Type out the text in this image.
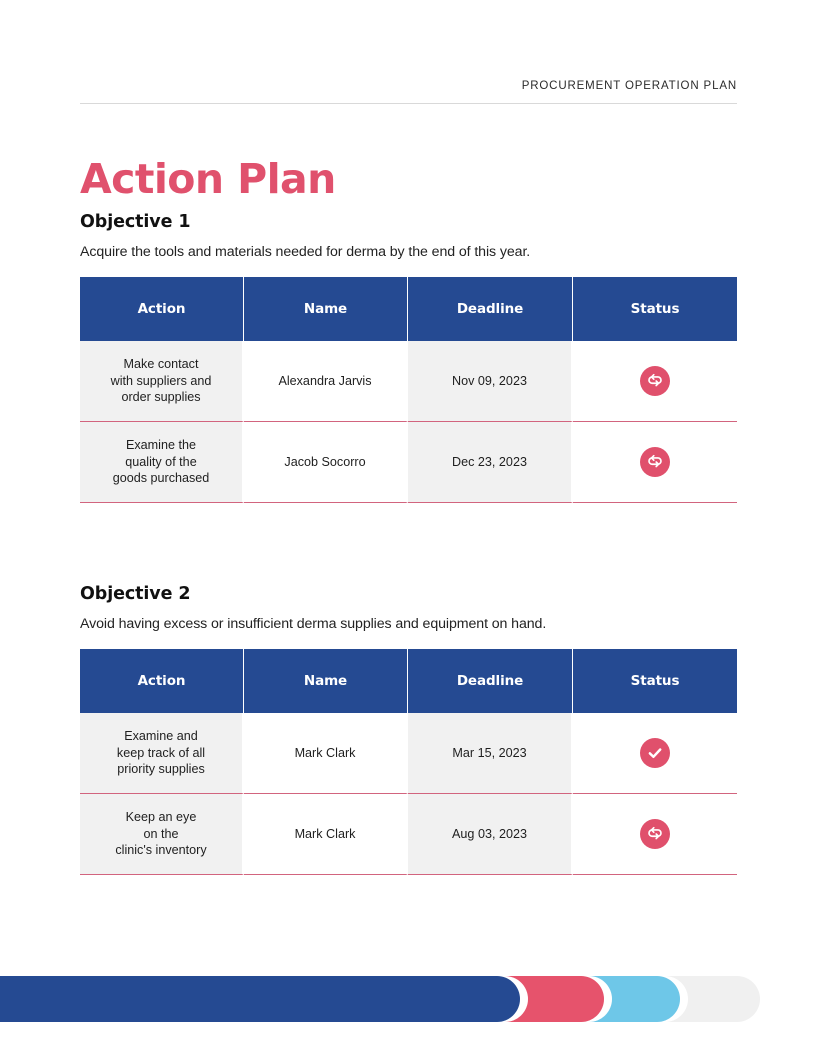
PROCUREMENT OPERATION PLAN
Action Plan
Objective 1

Acquire the tools and materials needed for derma by the end of this year.

Action	Name	Deadline	Status

Make contact
with suppliers and
order supplies	Alexandra Jarvis	Nov 09, 2023	

Examine the
quality of the
goods purchased	Jacob Socorro	Dec 23, 2023	
Objective 2

Avoid having excess or insufficient derma supplies and equipment on hand.

Action	Name	Deadline	Status

Examine and
keep track of all
priority supplies	Mark Clark	Mar 15, 2023	

Keep an eye
on the
clinic's inventory	Mark Clark	Aug 03, 2023	
